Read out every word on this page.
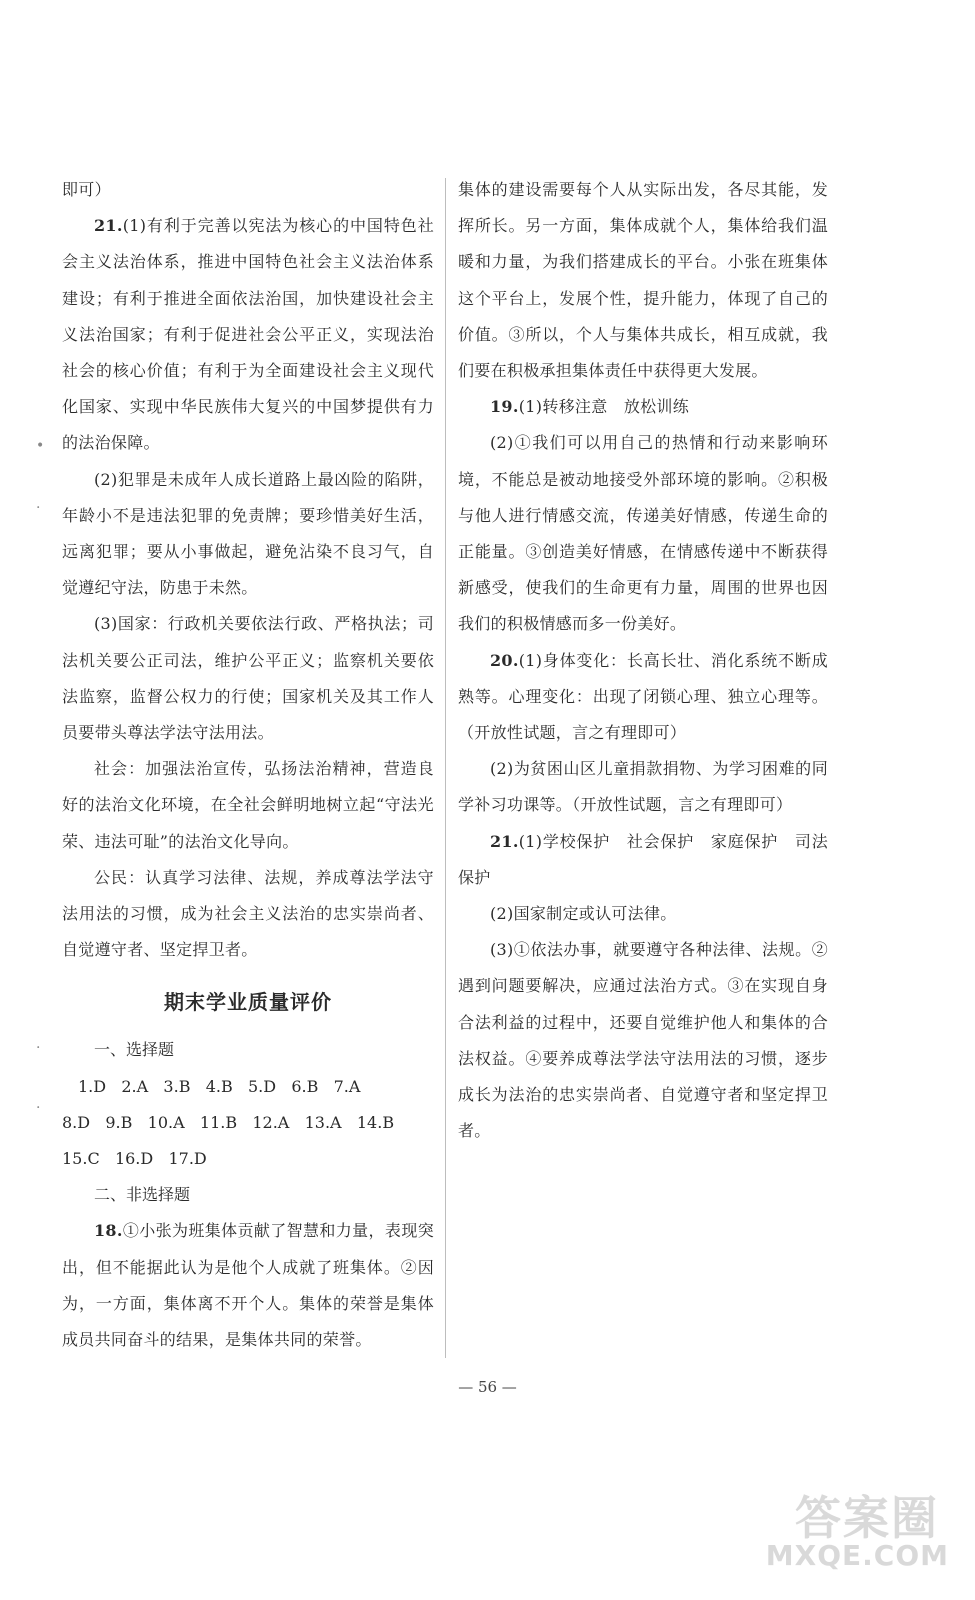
即可）

21.(1)有利于完善以宪法为核心的中国特色社会主义法治体系，推进中国特色社会主义法治体系建设；有利于推进全面依法治国，加快建设社会主义法治国家；有利于促进社会公平正义，实现法治社会的核心价值；有利于为全面建设社会主义现代化国家、实现中华民族伟大复兴的中国梦提供有力的法治保障。

(2)犯罪是未成年人成长道路上最凶险的陷阱，年龄小不是违法犯罪的免责牌；要珍惜美好生活，远离犯罪；要从小事做起，避免沾染不良习气，自觉遵纪守法，防患于未然。

(3)国家：行政机关要依法行政、严格执法；司法机关要公正司法，维护公平正义；监察机关要依法监察，监督公权力的行使；国家机关及其工作人员要带头尊法学法守法用法。

社会：加强法治宣传，弘扬法治精神，营造良好的法治文化环境，在全社会鲜明地树立起“守法光荣、违法可耻”的法治文化导向。

公民：认真学习法律、法规，养成尊法学法守法用法的习惯，成为社会主义法治的忠实崇尚者、自觉遵守者、坚定捍卫者。

期末学业质量评价

一、选择题

1.D   2.A   3.B   4.B   5.D   6.B   7.A

8.D   9.B   10.A   11.B   12.A   13.A   14.B

15.C   16.D   17.D

二、非选择题

18.①小张为班集体贡献了智慧和力量，表现突出，但不能据此认为是他个人成就了班集体。②因为，一方面，集体离不开个人。集体的荣誉是集体成员共同奋斗的结果，是集体共同的荣誉。

集体的建设需要每个人从实际出发，各尽其能，发挥所长。另一方面，集体成就个人，集体给我们温暖和力量，为我们搭建成长的平台。小张在班集体这个平台上，发展个性，提升能力，体现了自己的价值。③所以，个人与集体共成长，相互成就，我们要在积极承担集体责任中获得更大发展。

19.(1)转移注意　放松训练

(2)①我们可以用自己的热情和行动来影响环境，不能总是被动地接受外部环境的影响。②积极与他人进行情感交流，传递美好情感，传递生命的正能量。③创造美好情感，在情感传递中不断获得新感受，使我们的生命更有力量，周围的世界也因我们的积极情感而多一份美好。

20.(1)身体变化：长高长壮、消化系统不断成熟等。心理变化：出现了闭锁心理、独立心理等。（开放性试题，言之有理即可）

(2)为贫困山区儿童捐款捐物、为学习困难的同学补习功课等。（开放性试题，言之有理即可）

21.(1)学校保护　社会保护　家庭保护　司法保护

(2)国家制定或认可法律。

(3)①依法办事，就要遵守各种法律、法规。②遇到问题要解决，应通过法治方式。③在实现自身合法利益的过程中，还要自觉维护他人和集体的合法权益。④要养成尊法学法守法用法的习惯，逐步成长为法治的忠实崇尚者、自觉遵守者和坚定捍卫者。

— 56 —
•
·
·
·
答案圈
MXQE.COM
